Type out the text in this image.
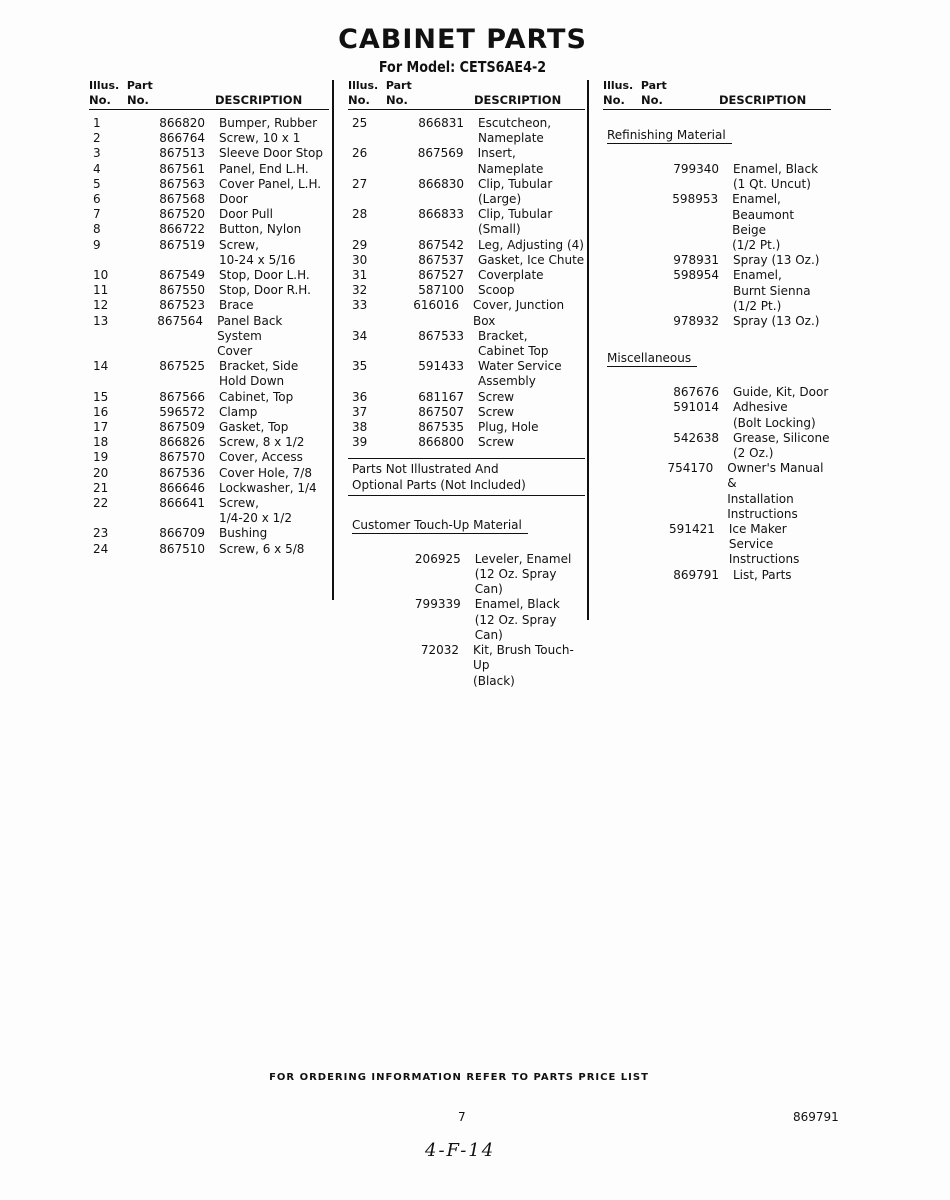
CABINET PARTS
For Model: CETS6AE4-2
Illus.  Part
No. No.	DESCRIPTION
1	866820 Bumper, Rubber
2	866764 Screw, 10 x 1
3	867513 Sleeve Door Stop
4	867561 Panel, End L.H.
5	867563 Cover Panel, L.H.
6	867568 Door
7	867520 Door Pull
8	866722 Button, Nylon
9	867519 Screw,
10-24 x 5/16
10	867549 Stop, Door L.H.
11	867550 Stop, Door R.H.
12	867523 Brace
13	867564 Panel Back System
Cover
14	867525 Bracket, Side
Hold Down
15	867566 Cabinet, Top
16	596572 Clamp
17	867509 Gasket, Top
18	866826 Screw, 8 x 1/2
19	867570 Cover, Access
20	867536 Cover Hole, 7/8
21	866646 Lockwasher, 1/4
22	866641 Screw,
1/4-20 x 1/2
23	866709 Bushing
24	867510 Screw, 6 x 5/8
Illus.  Part
No. No.	DESCRIPTION
25	866831 Escutcheon,
Nameplate
26	867569 Insert, Nameplate
27	866830 Clip, Tubular
(Large)
28	866833 Clip, Tubular
(Small)
29	867542 Leg, Adjusting (4)
30	867537 Gasket, Ice Chute
31	867527 Coverplate
32	587100 Scoop
33	616016 Cover, Junction Box
34	867533 Bracket,
Cabinet Top
35	591433 Water Service
Assembly
36	681167 Screw
37	867507 Screw
38	867535 Plug, Hole
39	866800 Screw
Parts Not Illustrated And
Optional Parts (Not Included)
Customer Touch-Up Material
206925 Leveler, Enamel
(12 Oz. Spray Can)
799339 Enamel, Black
(12 Oz. Spray Can)
72032 Kit, Brush Touch-Up
(Black)
Illus.  Part
No. No.	DESCRIPTION
Refinishing Material
799340 Enamel, Black
(1 Qt. Uncut)
598953 Enamel,
Beaumont Beige
(1/2 Pt.)
978931 Spray (13 Oz.)
598954 Enamel,
Burnt Sienna
(1/2 Pt.)
978932 Spray (13 Oz.)
Miscellaneous
867676 Guide, Kit, Door
591014 Adhesive
(Bolt Locking)
542638 Grease, Silicone
(2 Oz.)
754170 Owner's Manual &
Installation
Instructions
591421 Ice Maker Service
Instructions
869791 List, Parts
FOR ORDERING INFORMATION REFER TO PARTS PRICE LIST
7	869791
4-F-14
